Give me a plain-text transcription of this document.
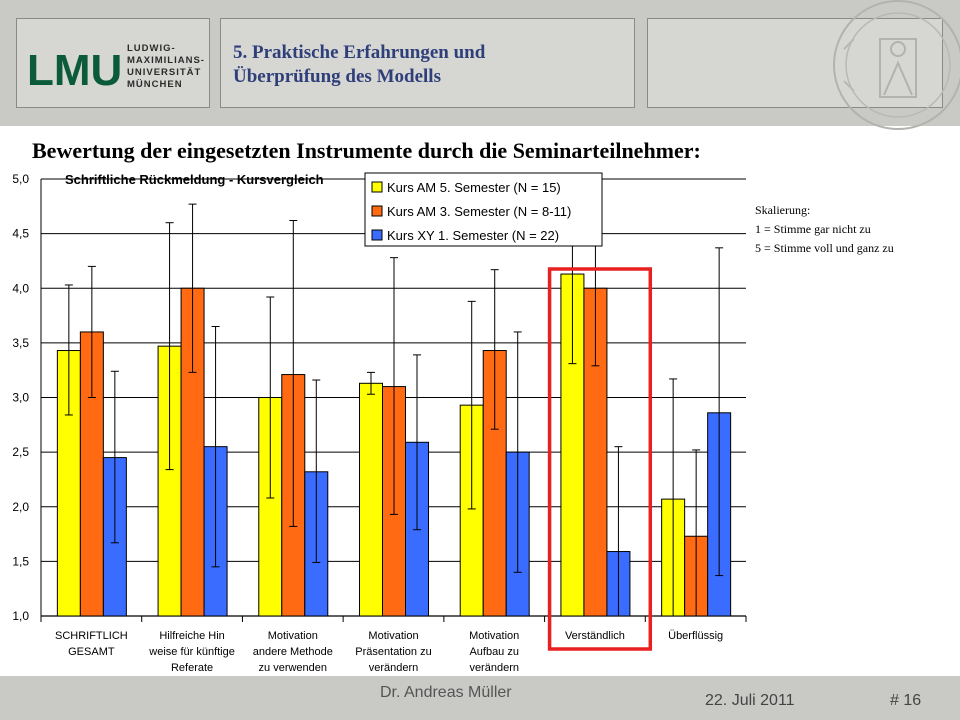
LMU LUDWIG-
MAXIMILIANS-
UNIVERSITÄT
MÜNCHEN
5. Praktische Erfahrungen und
Überprüfung des Modells
Bewertung der eingesetzten Instrumente durch die Seminarteilnehmer:
1,0
1,5
2,0
2,5
3,0
3,5
4,0
4,5
5,0
SCHRIFTLICH
GESAMT
Hilfreiche Hin
weise für künftige
Referate
Motivation
andere Methode
zu verwenden
Motivation
Präsentation zu
verändern
Motivation
Aufbau zu
verändern
Verständlich	Überflüssig
Schriftliche Rückmeldung - Kursvergleich
Kurs AM 5. Semester (N = 15)
Kurs AM 3. Semester (N = 8-11)
Kurs XY 1. Semester (N = 22)
Skalierung:
1 = Stimme gar nicht zu
5 = Stimme voll und ganz zu
Dr. Andreas Müller	22. Juli 2011	# 16
